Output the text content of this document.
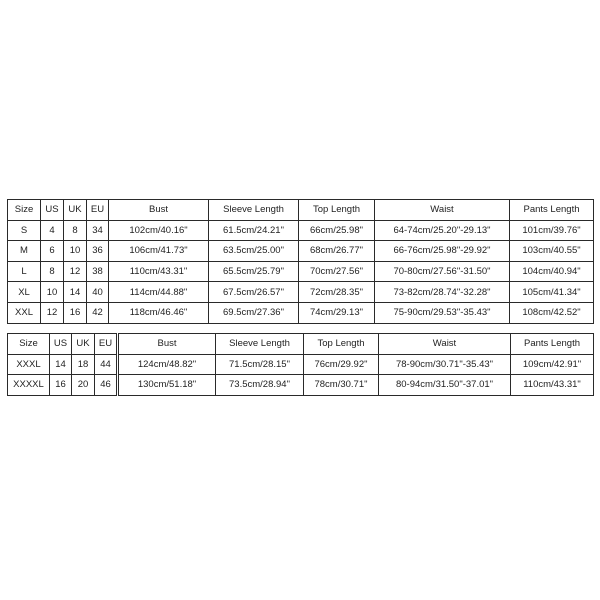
Size	US	UK	EU	Bust	Sleeve Length	Top Length	Waist	Pants Length
S	4	8	34	102cm/40.16"	61.5cm/24.21"	66cm/25.98"	64-74cm/25.20"-29.13"	101cm/39.76"
M	6	10	36	106cm/41.73"	63.5cm/25.00"	68cm/26.77"	66-76cm/25.98"-29.92"	103cm/40.55"
L	8	12	38	110cm/43.31"	65.5cm/25.79"	70cm/27.56"	70-80cm/27.56"-31.50"	104cm/40.94"
XL	10	14	40	114cm/44.88"	67.5cm/26.57"	72cm/28.35"	73-82cm/28.74"-32.28"	105cm/41.34"
XXL	12	16	42	118cm/46.46"	69.5cm/27.36"	74cm/29.13"	75-90cm/29.53"-35.43"	108cm/42.52"
Size	US	UK	EU		Bust	Sleeve Length	Top Length	Waist	Pants Length
XXXL	14	18	44		124cm/48.82"	71.5cm/28.15"	76cm/29.92"	78-90cm/30.71"-35.43"	109cm/42.91"
XXXXL	16	20	46		130cm/51.18"	73.5cm/28.94"	78cm/30.71"	80-94cm/31.50"-37.01"	110cm/43.31"
